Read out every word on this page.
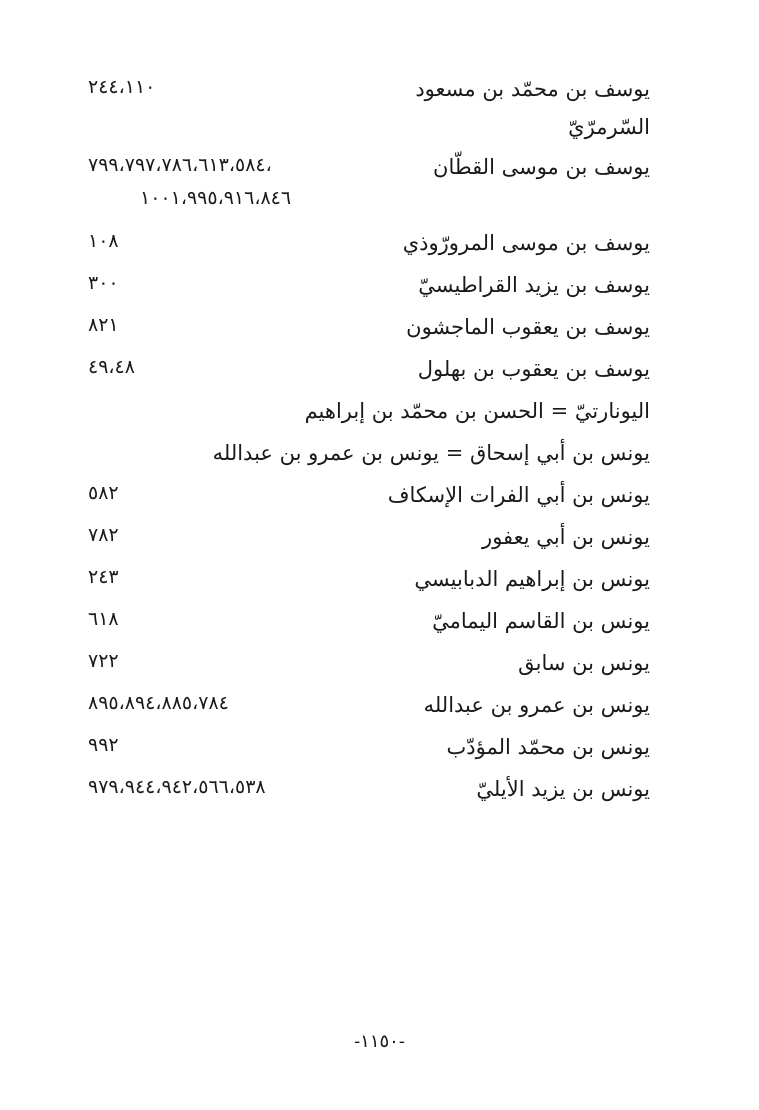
يوسف بن محمّد بن مسعود
٢٤٤،١١٠
السّرمرّيّ
يوسف بن موسى القطّان
،٧٩٩،٧٩٧،٧٨٦،٦١٣،٥٨٤
١٠٠١،٩٩٥،٩١٦،٨٤٦
يوسف بن موسى المرورّوذي
١٠٨
يوسف بن يزيد القراطيسيّ
٣٠٠
يوسف بن يعقوب الماجشون
٨٢١
يوسف بن يعقوب بن بهلول
٤٩،٤٨
اليونارتيّ = الحسن بن محمّد بن إبراهيم
يونس بن أبي إسحاق = يونس بن عمرو بن عبدالله
يونس بن أبي الفرات الإسكاف
٥٨٢
يونس بن أبي يعفور
٧٨٢
يونس بن إبراهيم الدبابيسي
٢٤٣
يونس بن القاسم اليماميّ
٦١٨
يونس بن سابق
٧٢٢
يونس بن عمرو بن عبدالله
٨٩٥،٨٩٤،٨٨٥،٧٨٤
يونس بن محمّد المؤدّب
٩٩٢
يونس بن يزيد الأيليّ
٩٧٩،٩٤٤،٩٤٢،٥٦٦،٥٣٨
-١١٥٠-
